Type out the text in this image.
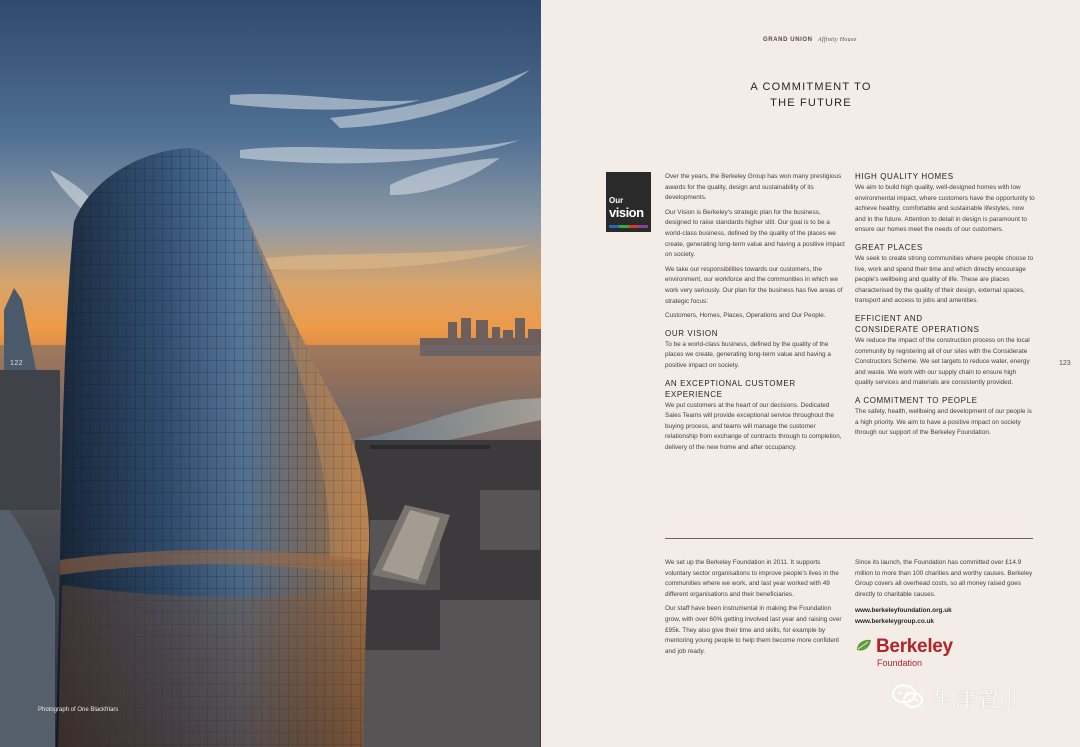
122
Photograph of One Blackfriars
GRAND UNION Affinity House
A COMMITMENT TO
THE FUTURE
123
Our
vision

Over the years, the Berkeley Group has won many prestigious awards for the quality, design and sustainability of its developments.

Our Vision is Berkeley's strategic plan for the business, designed to raise standards higher still. Our goal is to be a world-class business, defined by the quality of the places we create, generating long-term value and having a positive impact on society.

We take our responsibilities towards our customers, the environment, our workforce and the communities in which we work very seriously. Our plan for the business has five areas of strategic focus:

Customers, Homes, Places, Operations and Our People.

OUR VISION

To be a world-class business, defined by the quality of the places we create, generating long-term value and having a positive impact on society.

AN EXCEPTIONAL CUSTOMER EXPERIENCE

We put customers at the heart of our decisions. Dedicated Sales Teams will provide exceptional service throughout the buying process, and teams will manage the customer relationship from exchange of contracts through to completion, delivery of the new home and after occupancy.

HIGH QUALITY HOMES

We aim to build high quality, well-designed homes with low environmental impact, where customers have the opportunity to achieve healthy, comfortable and sustainable lifestyles, now and in the future. Attention to detail in design is paramount to ensure our homes meet the needs of our customers.

GREAT PLACES

We seek to create strong communities where people choose to live, work and spend their time and which directly encourage people's wellbeing and quality of life. These are places characterised by the quality of their design, external spaces, transport and access to jobs and amenities.

EFFICIENT AND
CONSIDERATE OPERATIONS

We reduce the impact of the construction process on the local community by registering all of our sites with the Considerate Constructors Scheme. We set targets to reduce water, energy and waste. We work with our supply chain to ensure high quality services and materials are consistently provided.

A COMMITMENT TO PEOPLE

The safety, health, wellbeing and development of our people is a high priority. We aim to have a positive impact on society through our support of the Berkeley Foundation.

We set up the Berkeley Foundation in 2011. It supports voluntary sector organisations to improve people's lives in the communities where we work, and last year worked with 49 different organisations and their beneficiaries.

Our staff have been instrumental in making the Foundation grow, with over 60% getting involved last year and raising over £95k. They also give their time and skills, for example by mentoring young people to help them become more confident and job ready.

Since its launch, the Foundation has committed over £14.9 million to more than 100 charities and worthy causes. Berkeley Group covers all overhead costs, so all money raised goes directly to charitable causes.

www.berkeleyfoundation.org.uk
www.berkeleygroup.co.uk
Berkeley
Foundation
牛津置业
